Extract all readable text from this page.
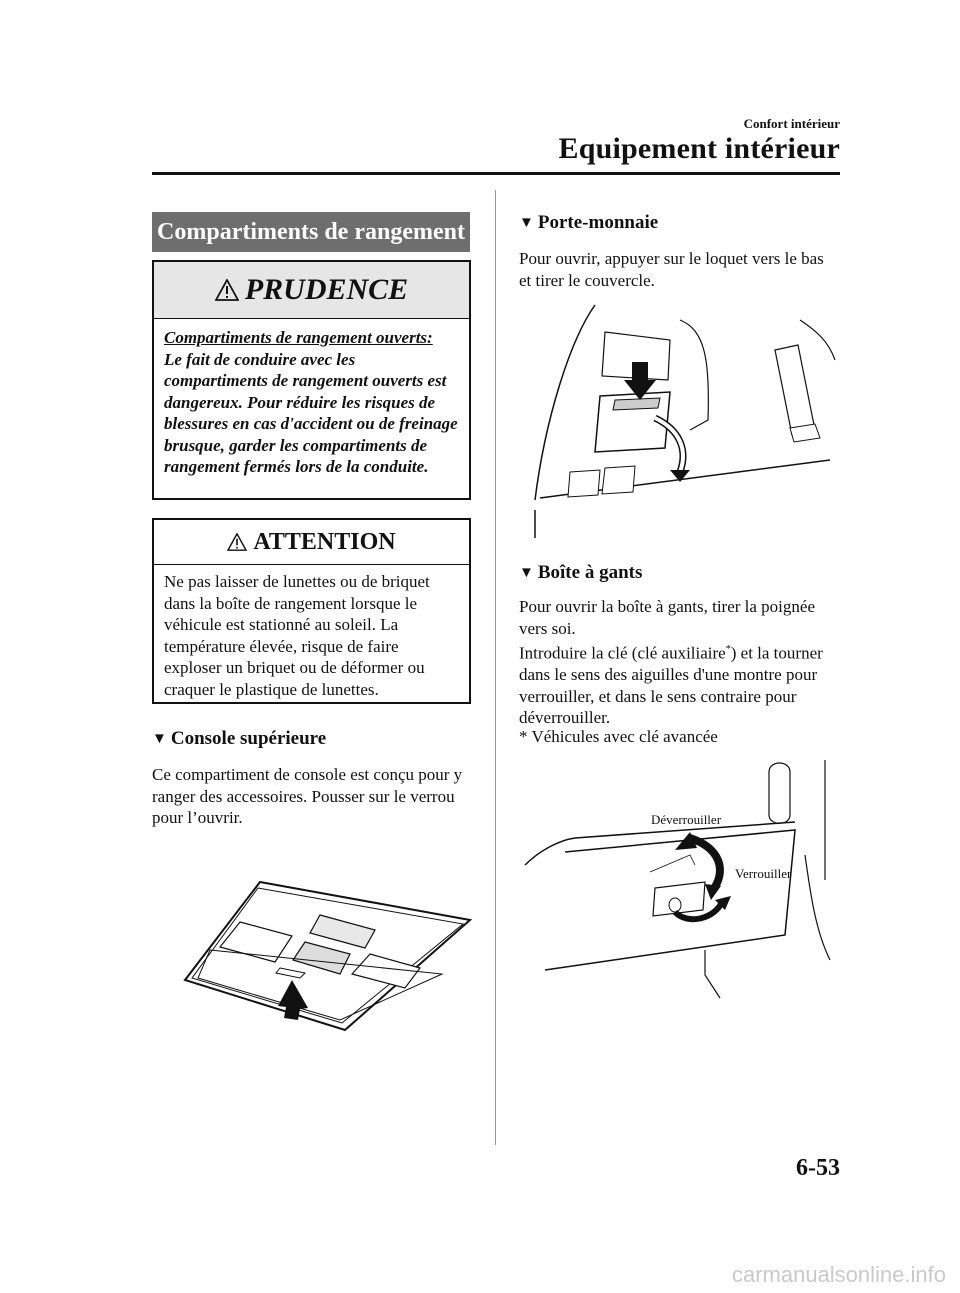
Confort intérieur
Equipement intérieur
Compartiments de rangement
PRUDENCE
Compartiments de rangement ouverts:
Le fait de conduire avec les compartiments de rangement ouverts est dangereux. Pour réduire les risques de blessures en cas d'accident ou de freinage brusque, garder les compartiments de rangement fermés lors de la conduite.
ATTENTION
Ne pas laisser de lunettes ou de briquet dans la boîte de rangement lorsque le véhicule est stationné au soleil. La température élevée, risque de faire exploser un briquet ou de déformer ou craquer le plastique de lunettes.
▼ Console supérieure
Ce compartiment de console est conçu pour y ranger des accessoires. Pousser sur le verrou pour l’ouvrir.
▼ Porte-monnaie
Pour ouvrir, appuyer sur le loquet vers le bas et tirer le couvercle.
▼ Boîte à gants
Pour ouvrir la boîte à gants, tirer la poignée vers soi.
Introduire la clé (clé auxiliaire*) et la tourner dans le sens des aiguilles d'une montre pour verrouiller, et dans le sens contraire pour déverrouiller.
* Véhicules avec clé avancée
Déverrouiller
Verrouiller
6-53
carmanualsonline.info
